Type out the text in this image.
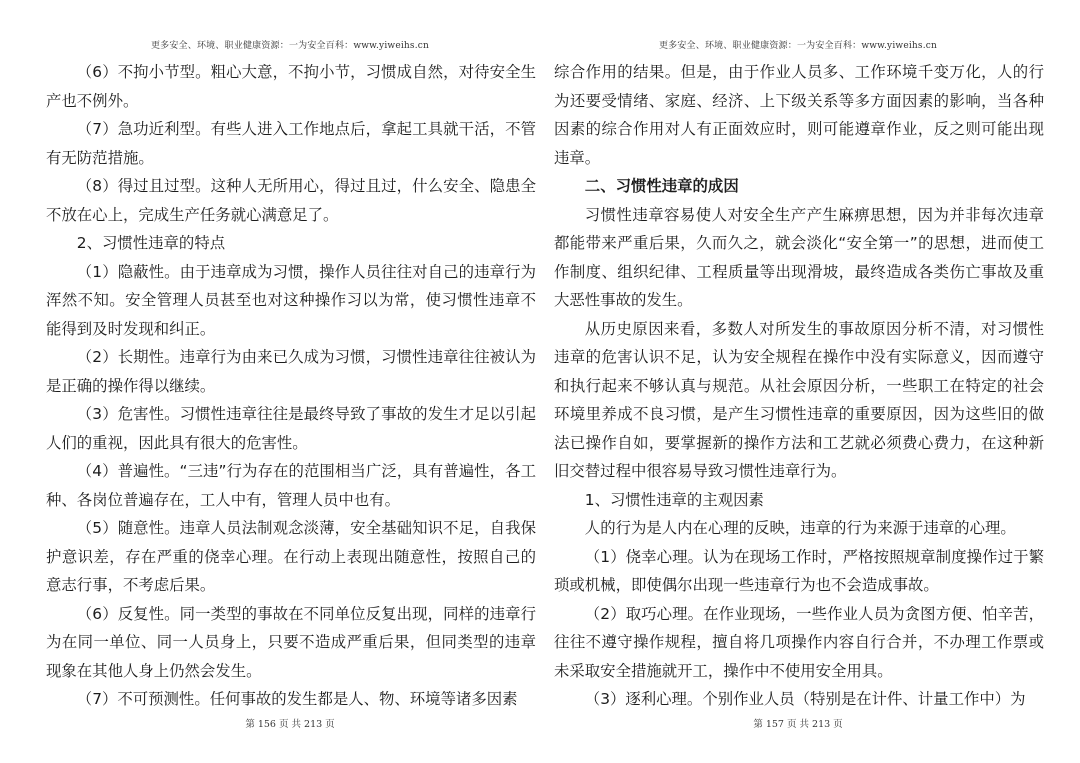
更多安全、环境、职业健康资源：一为安全百科：www.yiweihs.cn

（6）不拘小节型。粗心大意，不拘小节，习惯成自然，对待安全生产也不例外。

（7）急功近利型。有些人进入工作地点后，拿起工具就干活，不管有无防范措施。

（8）得过且过型。这种人无所用心，得过且过，什么安全、隐患全不放在心上，完成生产任务就心满意足了。

2、习惯性违章的特点

（1）隐蔽性。由于违章成为习惯，操作人员往往对自己的违章行为浑然不知。安全管理人员甚至也对这种操作习以为常，使习惯性违章不能得到及时发现和纠正。

（2）长期性。违章行为由来已久成为习惯，习惯性违章往往被认为是正确的操作得以继续。

（3）危害性。习惯性违章往往是最终导致了事故的发生才足以引起人们的重视，因此具有很大的危害性。

（4）普遍性。“三违”行为存在的范围相当广泛，具有普遍性，各工种、各岗位普遍存在，工人中有，管理人员中也有。

（5）随意性。违章人员法制观念淡薄，安全基础知识不足，自我保护意识差，存在严重的侥幸心理。在行动上表现出随意性，按照自己的意志行事，不考虑后果。

（6）反复性。同一类型的事故在不同单位反复出现，同样的违章行为在同一单位、同一人员身上，只要不造成严重后果，但同类型的违章现象在其他人身上仍然会发生。

（7）不可预测性。任何事故的发生都是人、物、环境等诸多因素

第 156 页 共 213 页
更多安全、环境、职业健康资源：一为安全百科：www.yiweihs.cn

综合作用的结果。但是，由于作业人员多、工作环境千变万化，人的行为还要受情绪、家庭、经济、上下级关系等多方面因素的影响，当各种因素的综合作用对人有正面效应时，则可能遵章作业，反之则可能出现违章。

二、习惯性违章的成因

习惯性违章容易使人对安全生产产生麻痹思想，因为并非每次违章都能带来严重后果，久而久之，就会淡化“安全第一”的思想，进而使工作制度、组织纪律、工程质量等出现滑坡，最终造成各类伤亡事故及重大恶性事故的发生。

从历史原因来看，多数人对所发生的事故原因分析不清，对习惯性违章的危害认识不足，认为安全规程在操作中没有实际意义，因而遵守和执行起来不够认真与规范。从社会原因分析，一些职工在特定的社会环境里养成不良习惯，是产生习惯性违章的重要原因，因为这些旧的做法已操作自如，要掌握新的操作方法和工艺就必须费心费力，在这种新旧交替过程中很容易导致习惯性违章行为。

1、习惯性违章的主观因素

人的行为是人内在心理的反映，违章的行为来源于违章的心理。

（1）侥幸心理。认为在现场工作时，严格按照规章制度操作过于繁琐或机械，即使偶尔出现一些违章行为也不会造成事故。

（2）取巧心理。在作业现场，一些作业人员为贪图方便、怕辛苦，往往不遵守操作规程，擅自将几项操作内容自行合并，不办理工作票或未采取安全措施就开工，操作中不使用安全用具。

（3）逐利心理。个别作业人员（特别是在计件、计量工作中）为

第 157 页 共 213 页
